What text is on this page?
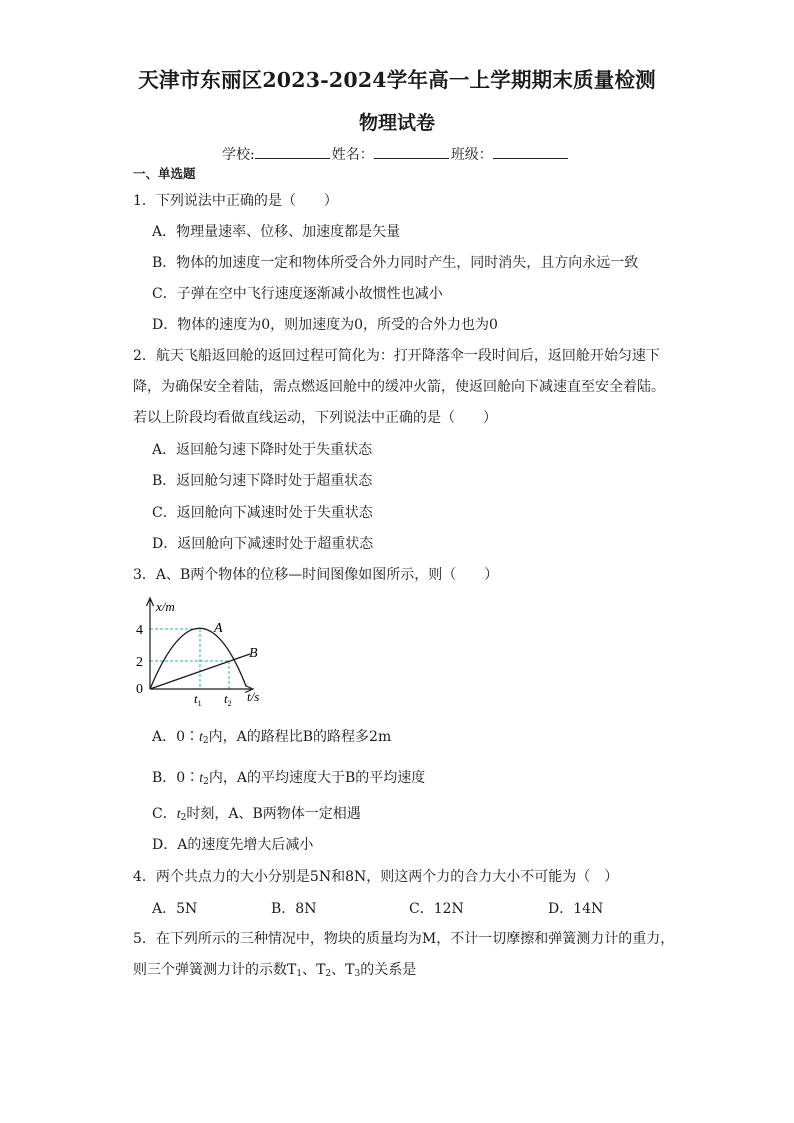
天津市东丽区2023-2024学年高一上学期期末质量检测
物理试卷
学校:	姓名：	班级：
一、单选题
1．下列说法中正确的是（　　）
A．物理量速率、位移、加速度都是矢量
B．物体的加速度一定和物体所受合外力同时产生，同时消失，且方向永远一致
C．子弹在空中飞行速度逐渐减小故惯性也减小
D．物体的速度为0，则加速度为0，所受的合外力也为0
2．航天飞船返回舱的返回过程可简化为：打开降落伞一段时间后，返回舱开始匀速下
降，为确保安全着陆，需点燃返回舱中的缓冲火箭，使返回舱向下减速直至安全着陆。
若以上阶段均看做直线运动，下列说法中正确的是（　　）
A．返回舱匀速下降时处于失重状态
B．返回舱匀速下降时处于超重状态
C．返回舱向下减速时处于失重状态
D．返回舱向下减速时处于超重状态
3．A、B两个物体的位移—时间图像如图所示，则（　　）
x/m
4
2
0
A
B
$t_1$ $t_2$ t/s
A．$0∶t_2$内，A的路程比B的路程多2m
B．$0∶t_2$内，A的平均速度大于B的平均速度
C．$t_2$时刻，A、B两物体一定相遇
D．A的速度先增大后减小
4．两个共点力的大小分别是5N和8N，则这两个力的合力大小不可能为（　）
A．5N	B．8N	C．12N	D．14N
5．在下列所示的三种情况中，物块的质量均为M，不计一切摩擦和弹簧测力计的重力，
则三个弹簧测力计的示数$T_1$、$T_2$、$T_3$的关系是
